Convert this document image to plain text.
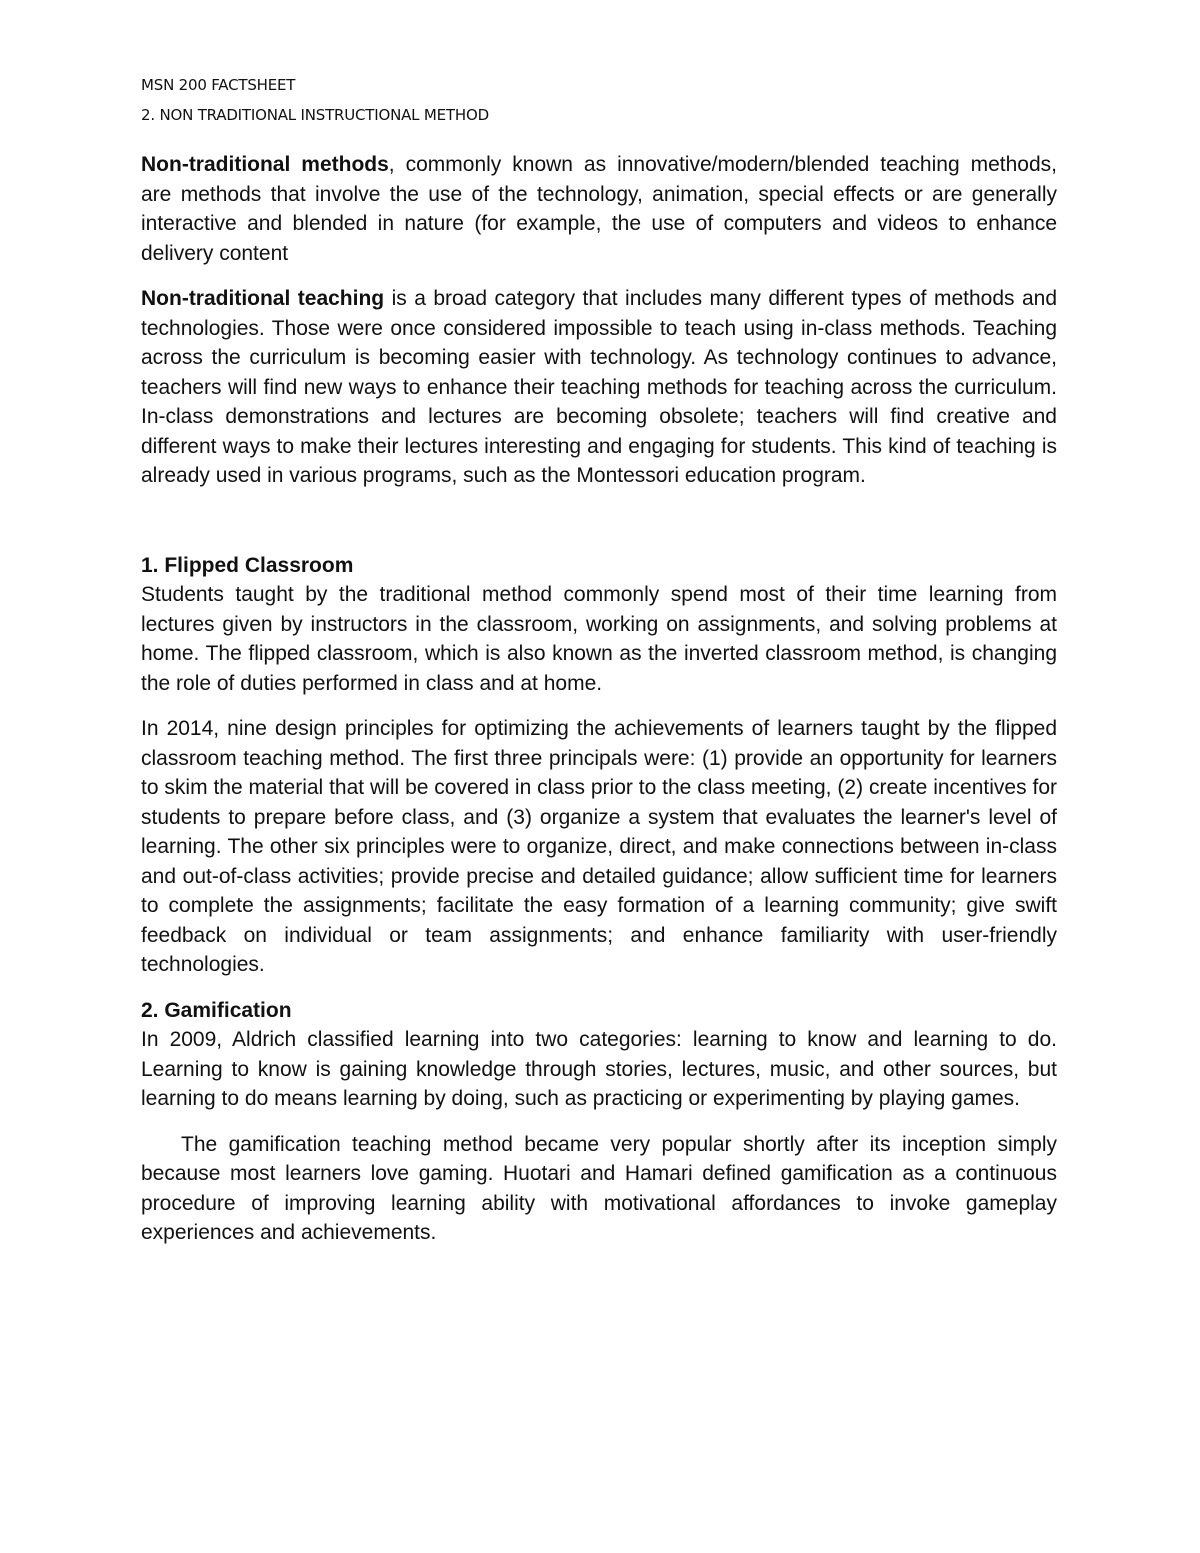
MSN 200 FACTSHEET

2. NON TRADITIONAL INSTRUCTIONAL METHOD

Non-traditional methods, commonly known as innovative/modern/blended teaching methods, are methods that involve the use of the technology, animation, special effects or are generally interactive and blended in nature (for example, the use of computers and videos to enhance delivery content

Non-traditional teaching is a broad category that includes many different types of methods and technologies. Those were once considered impossible to teach using in-class methods. Teaching across the curriculum is becoming easier with technology. As technology continues to advance, teachers will find new ways to enhance their teaching methods for teaching across the curriculum. In-class demonstrations and lectures are becoming obsolete; teachers will find creative and different ways to make their lectures interesting and engaging for students. This kind of teaching is already used in various programs, such as the Montessori education program.

1. Flipped Classroom

Students taught by the traditional method commonly spend most of their time learning from lectures given by instructors in the classroom, working on assignments, and solving problems at home. The flipped classroom, which is also known as the inverted classroom method, is changing the role of duties performed in class and at home.

In 2014, nine design principles for optimizing the achievements of learners taught by the flipped classroom teaching method. The first three principals were: (1) provide an opportunity for learners to skim the material that will be covered in class prior to the class meeting, (2) create incentives for students to prepare before class, and (3) organize a system that evaluates the learner's level of learning. The other six principles were to organize, direct, and make connections between in-class and out-of-class activities; provide precise and detailed guidance; allow sufficient time for learners to complete the assignments; facilitate the easy formation of a learning community; give swift feedback on individual or team assignments; and enhance familiarity with user-friendly technologies.

2. Gamification

In 2009, Aldrich classified learning into two categories: learning to know and learning to do. Learning to know is gaining knowledge through stories, lectures, music, and other sources, but learning to do means learning by doing, such as practicing or experimenting by playing games.

The gamification teaching method became very popular shortly after its inception simply because most learners love gaming. Huotari and Hamari defined gamification as a continuous procedure of improving learning ability with motivational affordances to invoke gameplay experiences and achievements.
